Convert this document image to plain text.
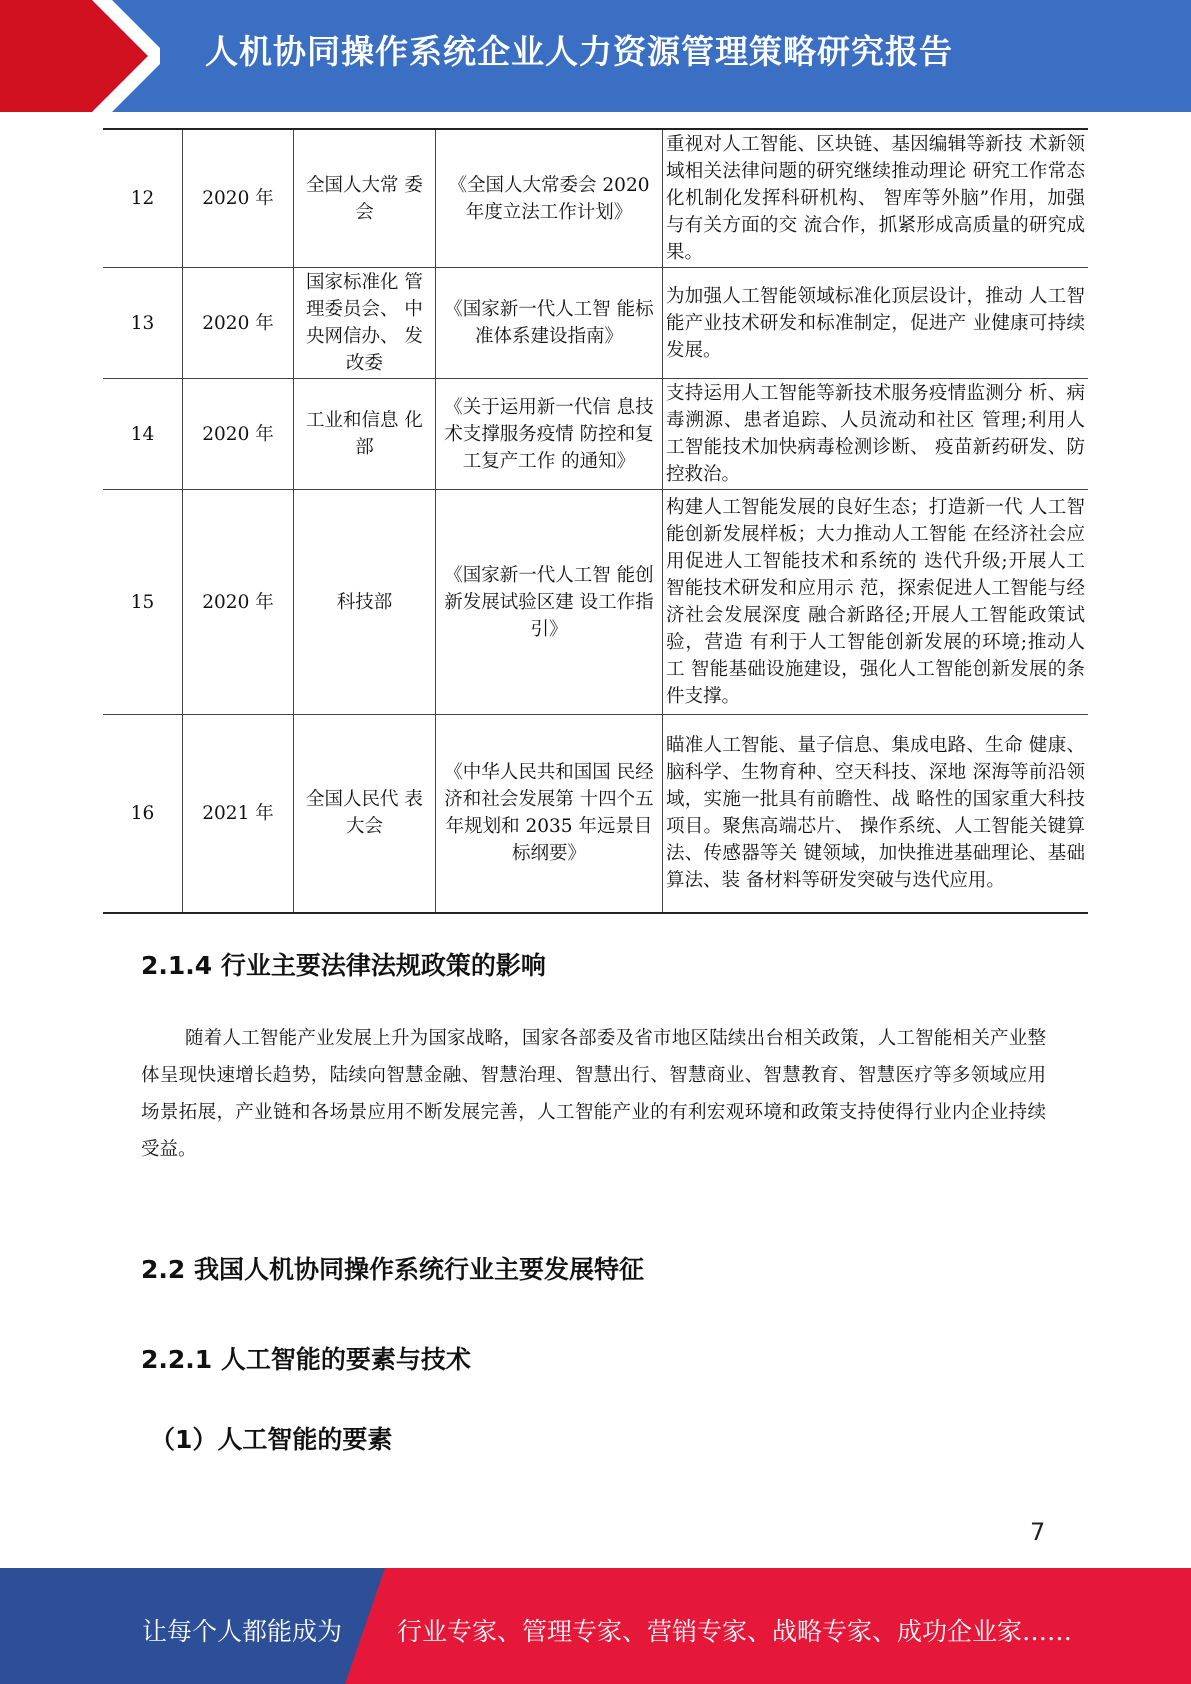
人机协同操作系统企业人力资源管理策略研究报告
12	2020 年	全国人大常 委会	《全国人大常委会 2020 年度立法工作计划》	重视对人工智能、区块链、基因编辑等新技 术新领域相关法律问题的研究继续推动理论 研究工作常态化机制化发挥科研机构、 智库等外脑”作用，加强与有关方面的交 流合作，抓紧形成高质量的研究成果。
13	2020 年	国家标准化 管理委员会、 中央网信办、 发改委	《国家新一代人工智 能标准体系建设指南》	为加强人工智能领域标准化顶层设计，推动 人工智能产业技术研发和标准制定，促进产 业健康可持续发展。
14	2020 年	工业和信息 化部	《关于运用新一代信 息技术支撑服务疫情 防控和复工复产工作 的通知》	支持运用人工智能等新技术服务疫情监测分 析、病毒溯源、患者追踪、人员流动和社区 管理;利用人工智能技术加快病毒检测诊断、 疫苗新药研发、防控救治。
15	2020 年	科技部	《国家新一代人工智 能创新发展试验区建 设工作指引》	构建人工智能发展的良好生态；打造新一代 人工智能创新发展样板；大力推动人工智能 在经济社会应用促进人工智能技术和系统的 迭代升级;开展人工智能技术研发和应用示 范，探索促进人工智能与经济社会发展深度 融合新路径;开展人工智能政策试验，营造 有利于人工智能创新发展的环境;推动人工 智能基础设施建设，强化人工智能创新发展的条件支撑。
16	2021 年	全国人民代 表大会	《中华人民共和国国 民经济和社会发展第 十四个五年规划和 2035 年远景目标纲要》	瞄准人工智能、量子信息、集成电路、生命 健康、脑科学、生物育种、空天科技、深地 深海等前沿领域，实施一批具有前瞻性、战 略性的国家重大科技项目。聚焦高端芯片、 操作系统、人工智能关键算法、传感器等关 键领域，加快推进基础理论、基础算法、装 备材料等研发突破与迭代应用。
2.1.4 行业主要法律法规政策的影响
随着人工智能产业发展上升为国家战略，国家各部委及省市地区陆续出台相关政策，人工智能相关产业整体呈现快速增长趋势，陆续向智慧金融、智慧治理、智慧出行、智慧商业、智慧教育、智慧医疗等多领域应用场景拓展，产业链和各场景应用不断发展完善，人工智能产业的有利宏观环境和政策支持使得行业内企业持续受益。
2.2 我国人机协同操作系统行业主要发展特征
2.2.1 人工智能的要素与技术
（1）人工智能的要素
7
让每个人都能成为 行业专家、管理专家、营销专家、战略专家、成功企业家……
